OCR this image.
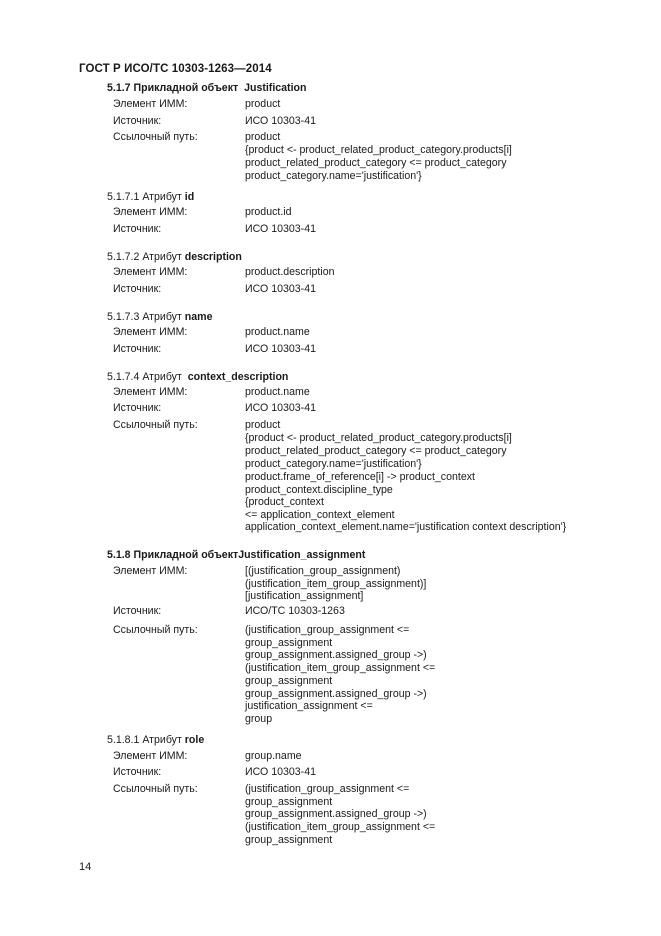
ГОСТ Р ИСО/ТС 10303-1263—2014
5.1.7 Прикладной объект Justification
Элемент ИММ:	product
Источник:	ИСО 10303-41
Ссылочный путь:	product
{product <- product_related_product_category.products[i]
product_related_product_category <= product_category
product_category.name='justification'}
5.1.7.1 Атрибут id
Элемент ИММ:	product.id
Источник:	ИСО 10303-41
5.1.7.2 Атрибут description
Элемент ИММ:	product.description
Источник:	ИСО 10303-41
5.1.7.3 Атрибут name
Элемент ИММ:	product.name
Источник:	ИСО 10303-41
5.1.7.4 Атрибут context_description
Элемент ИММ:	product.name
Источник:	ИСО 10303-41
Ссылочный путь:	product
{product <- product_related_product_category.products[i]
product_related_product_category <= product_category
product_category.name='justification'}
product.frame_of_reference[i] -> product_context
product_context.discipline_type
{product_context
<= application_context_element
application_context_element.name='justification context description'}
5.1.8 Прикладной объектJustification_assignment
Элемент ИММ:	[(justification_group_assignment)
(justification_item_group_assignment)]
[justification_assignment]
Источник:	ИСО/ТС 10303-1263
Ссылочный путь:	(justification_group_assignment <=
group_assignment
group_assignment.assigned_group ->)
(justification_item_group_assignment <=
group_assignment
group_assignment.assigned_group ->)
justification_assignment <=
group
5.1.8.1 Атрибут role
Элемент ИММ:	group.name
Источник:	ИСО 10303-41
Ссылочный путь:	(justification_group_assignment <=
group_assignment
group_assignment.assigned_group ->)
(justification_item_group_assignment <=
group_assignment
14
